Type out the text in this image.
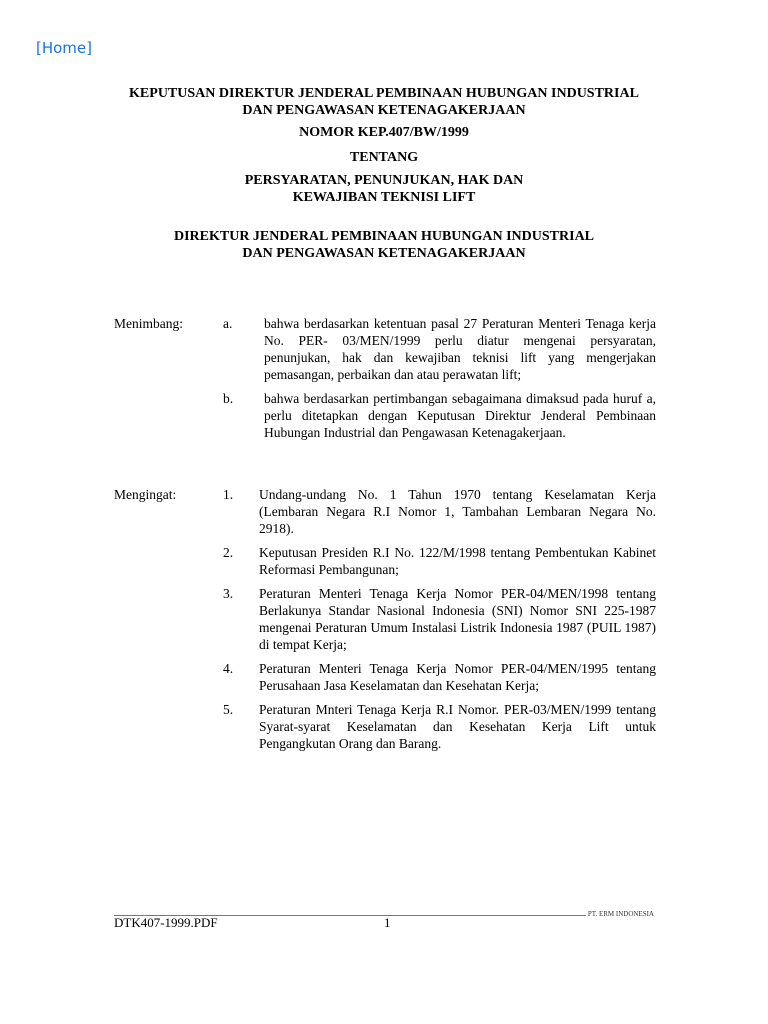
[Home]
KEPUTUSAN DIREKTUR JENDERAL PEMBINAAN HUBUNGAN INDUSTRIAL
DAN PENGAWASAN KETENAGAKERJAAN
NOMOR KEP.407/BW/1999
TENTANG
PERSYARATAN, PENUNJUKAN, HAK DAN
KEWAJIBAN TEKNISI LIFT
DIREKTUR JENDERAL PEMBINAAN HUBUNGAN INDUSTRIAL
DAN PENGAWASAN KETENAGAKERJAAN
Menimbang:	a. bahwa berdasarkan ketentuan pasal 27 Peraturan Menteri Tenaga kerja No. PER- 03/MEN/1999 perlu diatur mengenai persyaratan, penunjukan, hak dan kewajiban teknisi lift yang mengerjakan pemasangan, perbaikan dan atau perawatan lift;
b. bahwa berdasarkan pertimbangan sebagaimana dimaksud pada huruf a, perlu ditetapkan dengan Keputusan Direktur Jenderal Pembinaan Hubungan Industrial dan Pengawasan Ketenagakerjaan.
Mengingat:	1. Undang-undang No. 1 Tahun 1970 tentang Keselamatan Kerja (Lembaran Negara R.I Nomor 1, Tambahan Lembaran Negara No. 2918).
2. Keputusan Presiden R.I No. 122/M/1998 tentang Pembentukan Kabinet Reformasi Pembangunan;
3. Peraturan Menteri Tenaga Kerja Nomor PER-04/MEN/1998 tentang Berlakunya Standar Nasional Indonesia (SNI) Nomor SNI 225-1987 mengenai Peraturan Umum Instalasi Listrik Indonesia 1987 (PUIL 1987) di tempat Kerja;
4. Peraturan Menteri Tenaga Kerja Nomor PER-04/MEN/1995 tentang Perusahaan Jasa Keselamatan dan Kesehatan Kerja;
5. Peraturan Mnteri Tenaga Kerja R.I Nomor. PER-03/MEN/1999 tentang Syarat-syarat Keselamatan dan Kesehatan Kerja Lift untuk Pengangkutan Orang dan Barang.
PT. ERM INDONESIA
DTK407-1999.PDF	1
